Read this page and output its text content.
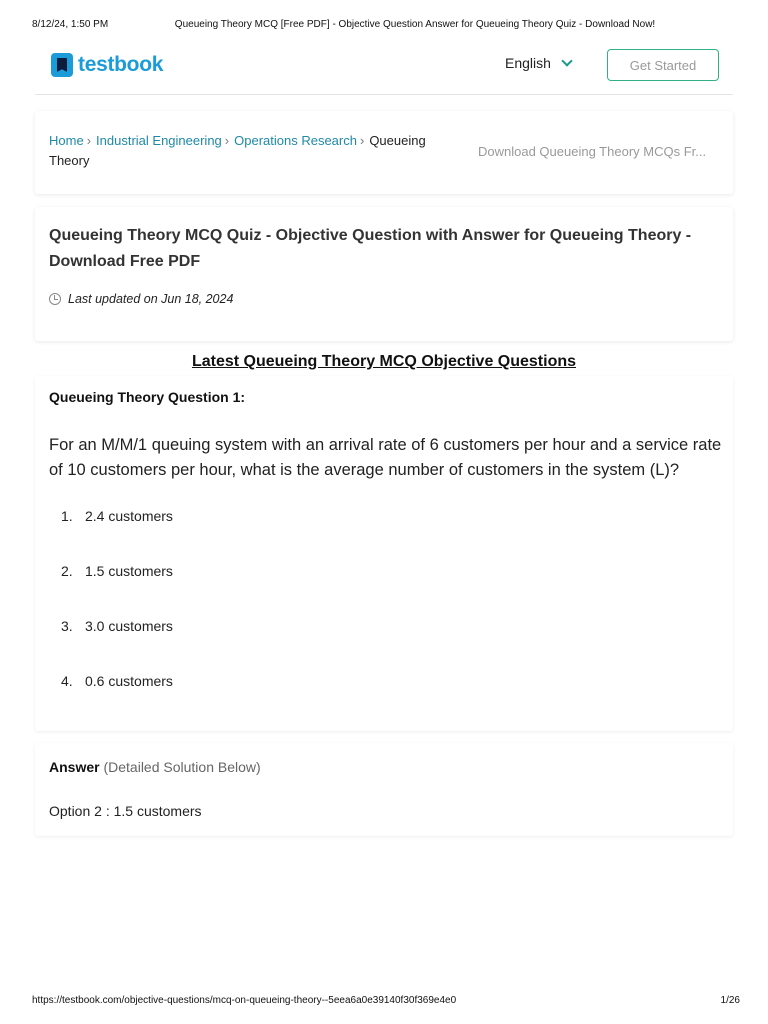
8/12/24, 1:50 PM	Queueing Theory MCQ [Free PDF] - Objective Question Answer for Queueing Theory Quiz - Download Now!
testbook	English	Get Started
Home › Industrial Engineering › Operations Research › Queueing Theory
Download Queueing Theory MCQs Fr...
Queueing Theory MCQ Quiz - Objective Question with Answer for Queueing Theory - Download Free PDF
Last updated on Jun 18, 2024
Latest Queueing Theory MCQ Objective Questions
Queueing Theory Question 1:
For an M/M/1 queuing system with an arrival rate of 6 customers per hour and a service rate of 10 customers per hour, what is the average number of customers in the system (L)?
1. 2.4 customers
2. 1.5 customers
3. 3.0 customers
4. 0.6 customers
Answer (Detailed Solution Below)
Option 2 : 1.5 customers
https://testbook.com/objective-questions/mcq-on-queueing-theory--5eea6a0e39140f30f369e4e0	1/26
